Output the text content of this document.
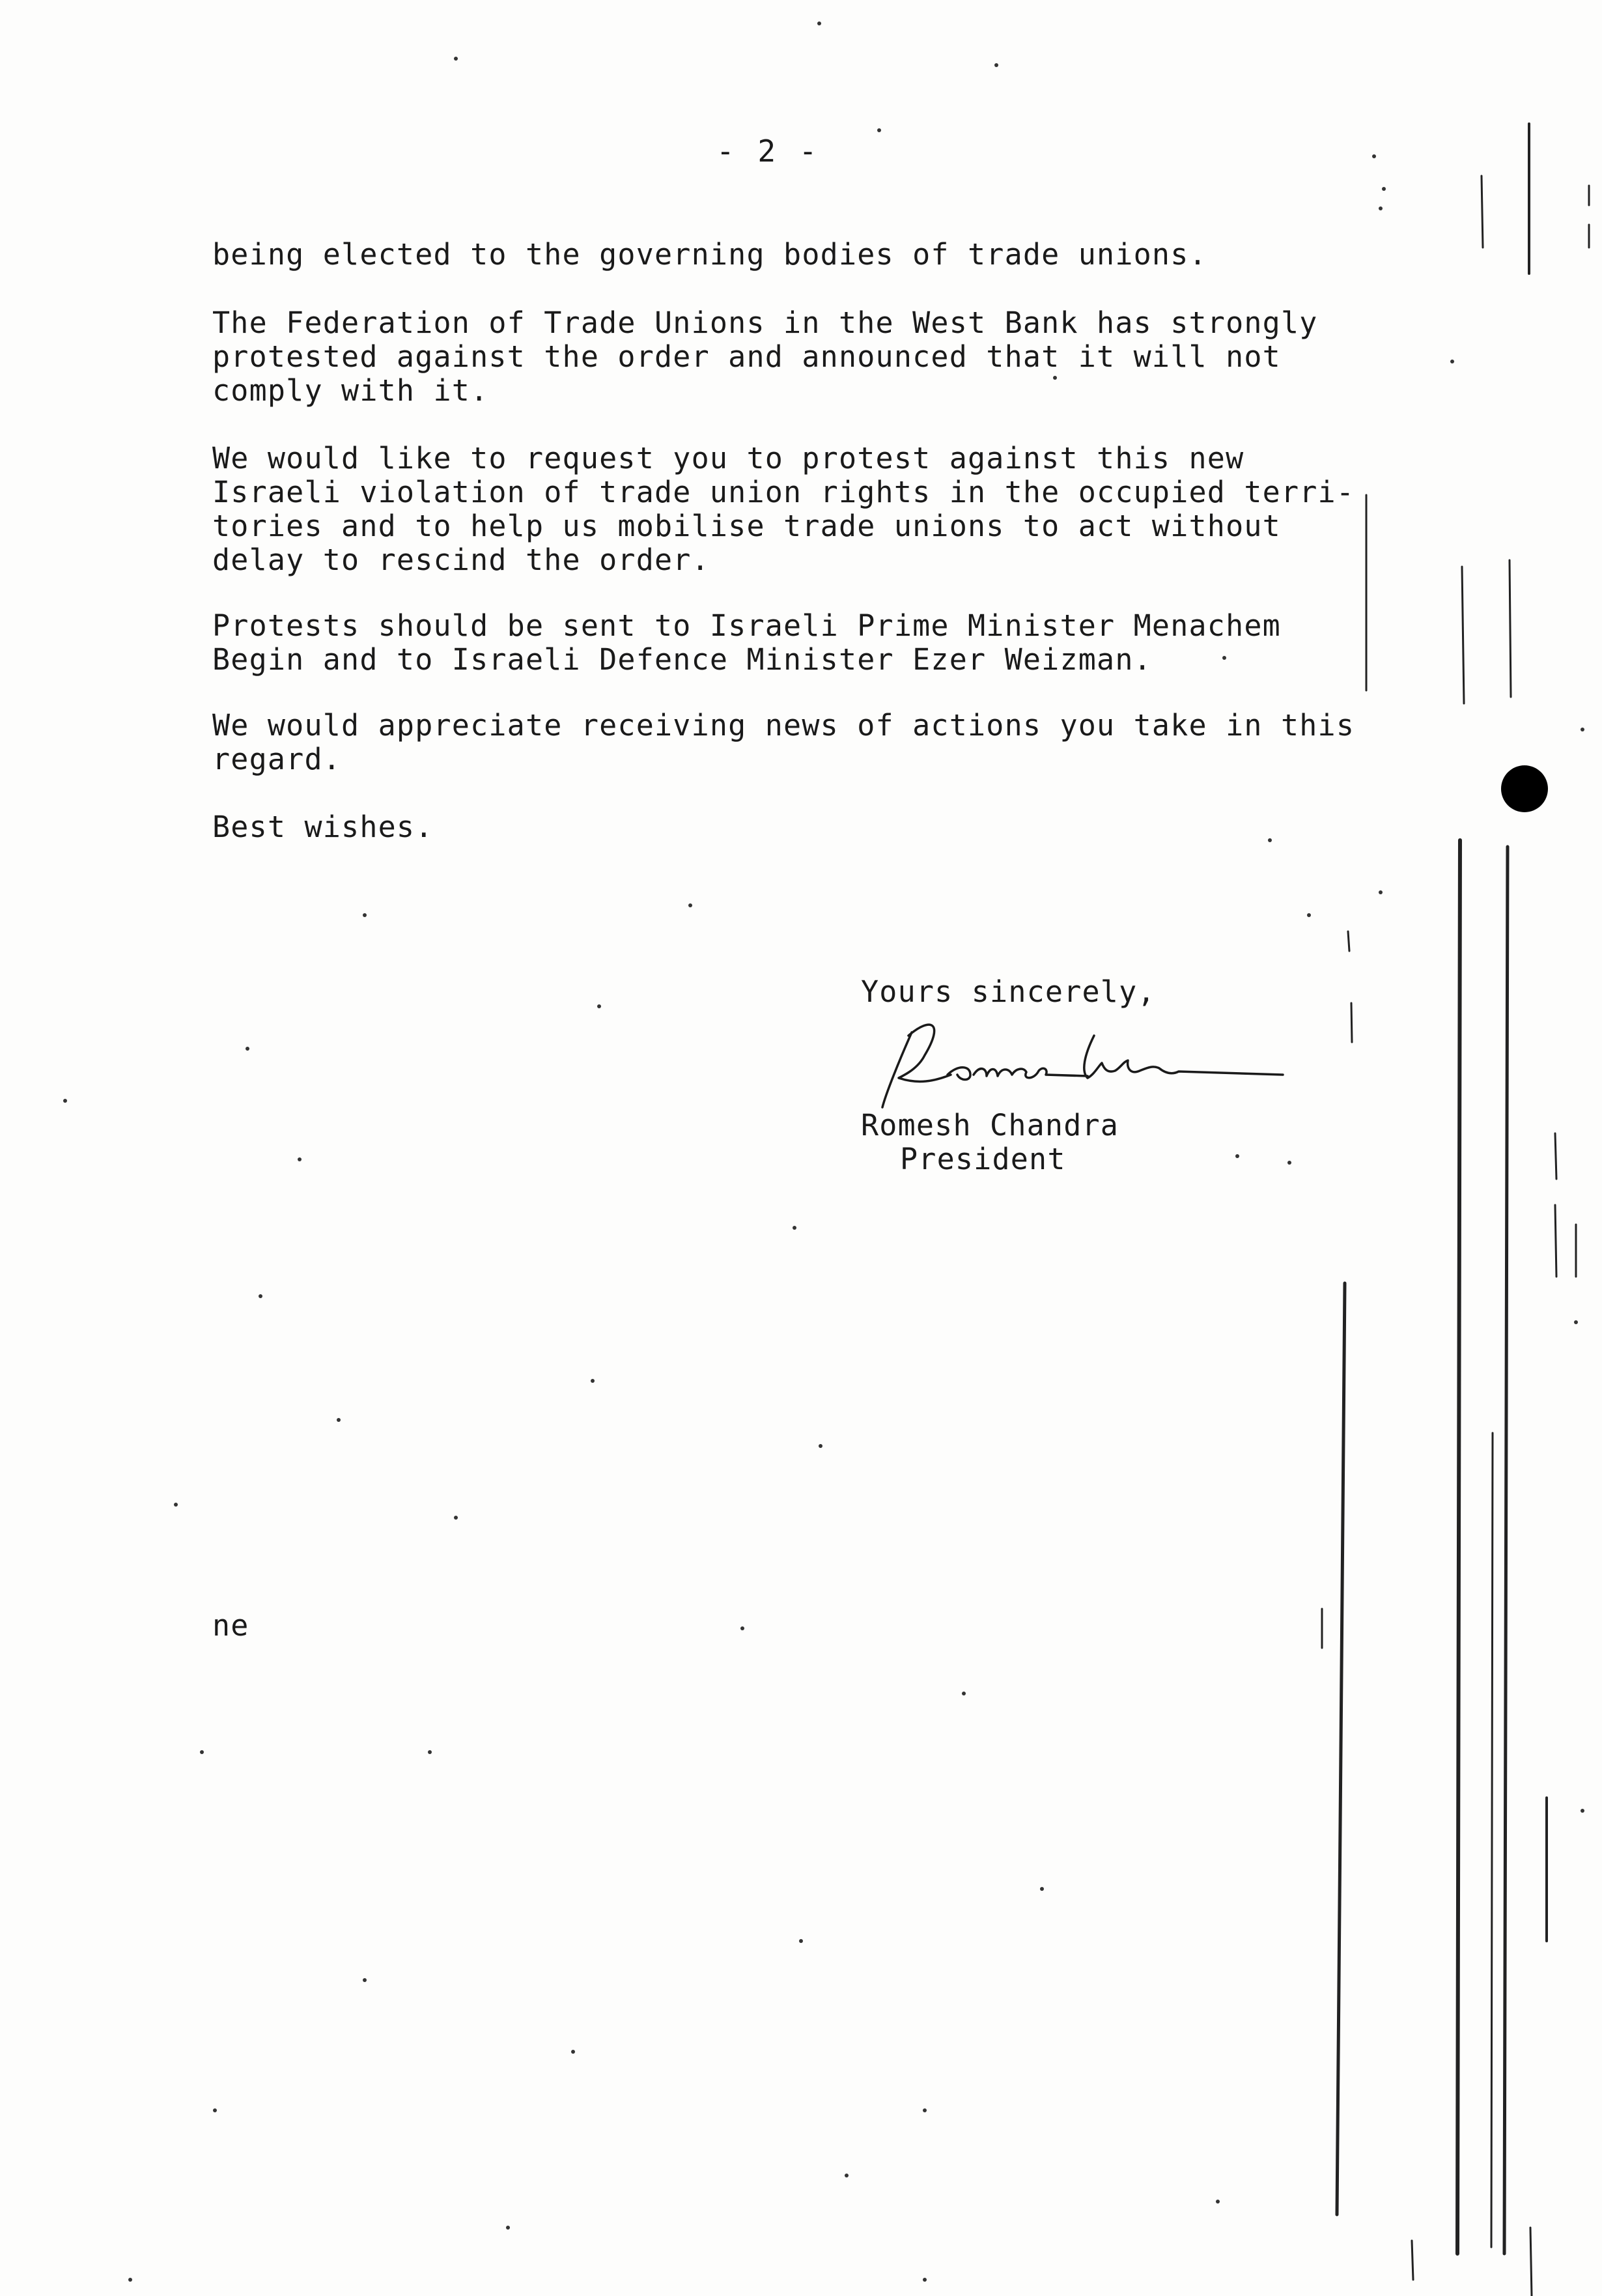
- 2 -
being elected to the governing bodies of trade unions.
The Federation of Trade Unions in the West Bank has strongly
protested against the order and announced that it will not
comply with it.
We would like to request you to protest against this new
Israeli violation of trade union rights in the occupied terri-
tories and to help us mobilise trade unions to act without
delay to rescind the order.
Protests should be sent to Israeli Prime Minister Menachem
Begin and to Israeli Defence Minister Ezer Weizman.
We would appreciate receiving news of actions you take in this
regard.
Best wishes.
Yours sincerely,
Romesh Chandra
President
ne
